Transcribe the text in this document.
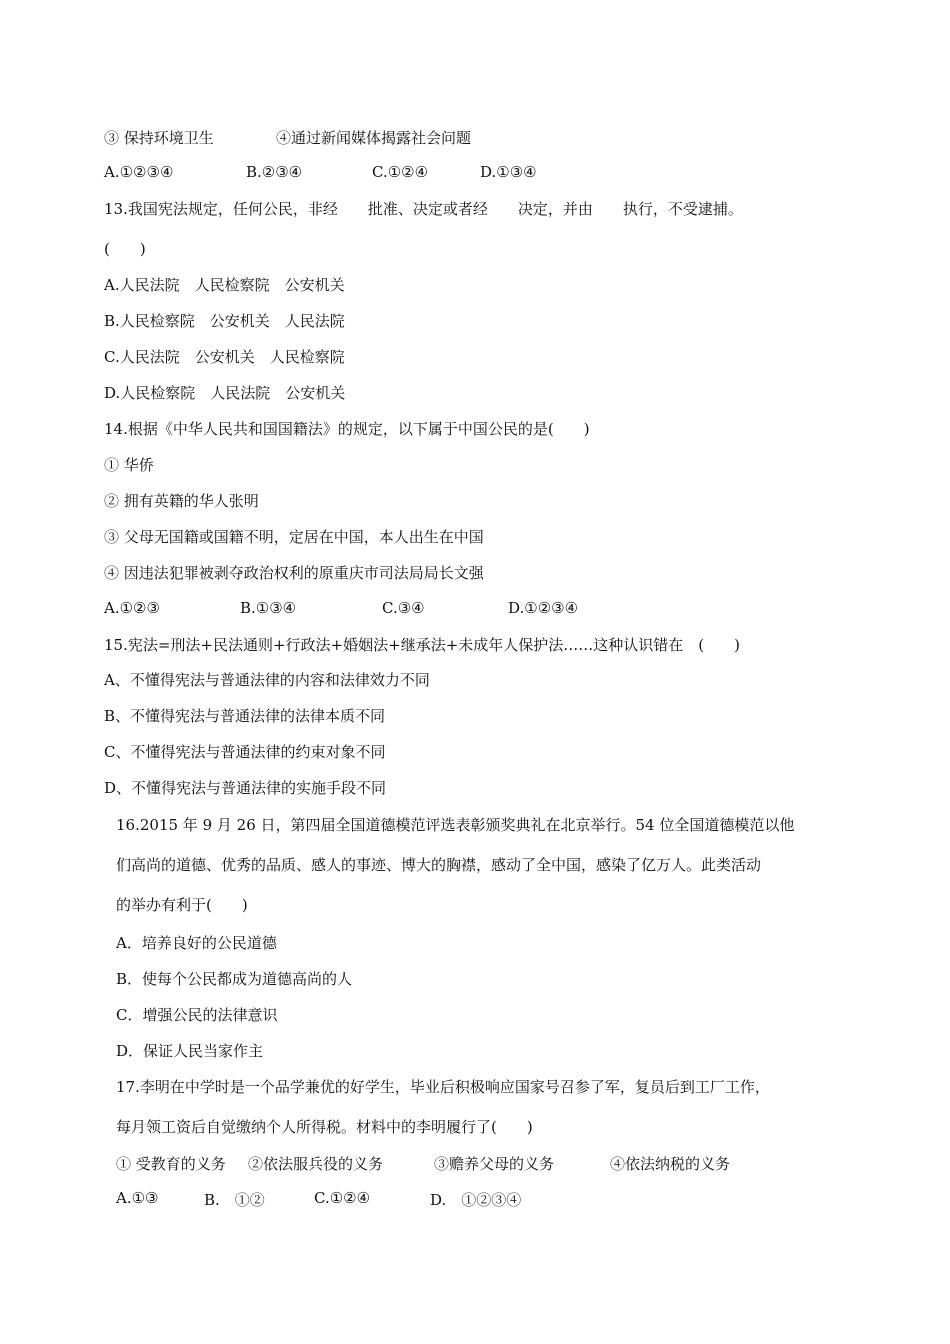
③ 保持环境卫生	④通过新闻媒体揭露社会问题
A.①②③④	B.②③④	C.①②④	D.①③④
13.我国宪法规定，任何公民，非经　　批准、决定或者经　　决定，并由　　执行，不受逮捕。
(　　)
A.人民法院　人民检察院　公安机关
B.人民检察院　公安机关　人民法院
C.人民法院　公安机关　人民检察院
D.人民检察院　人民法院　公安机关
14.根据《中华人民共和国国籍法》的规定，以下属于中国公民的是(　　)
① 华侨
② 拥有英籍的华人张明
③ 父母无国籍或国籍不明，定居在中国，本人出生在中国
④ 因违法犯罪被剥夺政治权利的原重庆市司法局局长文强
A.①②③	B.①③④	C.③④	D.①②③④
15.宪法=刑法+民法通则+行政法+婚姻法+继承法+未成年人保护法……这种认识错在　(　　)
A、不懂得宪法与普通法律的内容和法律效力不同
B、不懂得宪法与普通法律的法律本质不同
C、不懂得宪法与普通法律的约束对象不同
D、不懂得宪法与普通法律的实施手段不同
16.2015 年 9 月 26 日，第四届全国道德模范评选表彰颁奖典礼在北京举行。54 位全国道德模范以他
们高尚的道德、优秀的品质、感人的事迹、博大的胸襟，感动了全中国，感染了亿万人。此类活动
的举办有利于(　　)
A．培养良好的公民道德
B．使每个公民都成为道德高尚的人
C．增强公民的法律意识
D．保证人民当家作主
17.李明在中学时是一个品学兼优的好学生，毕业后积极响应国家号召参了军，复员后到工厂工作，
每月领工资后自觉缴纳个人所得税。材料中的李明履行了(　　)
① 受教育的义务 ②依法服兵役的义务	③赡养父母的义务	④依法纳税的义务
A.①③	B.　①②	C.①②④	D.　①②③④
